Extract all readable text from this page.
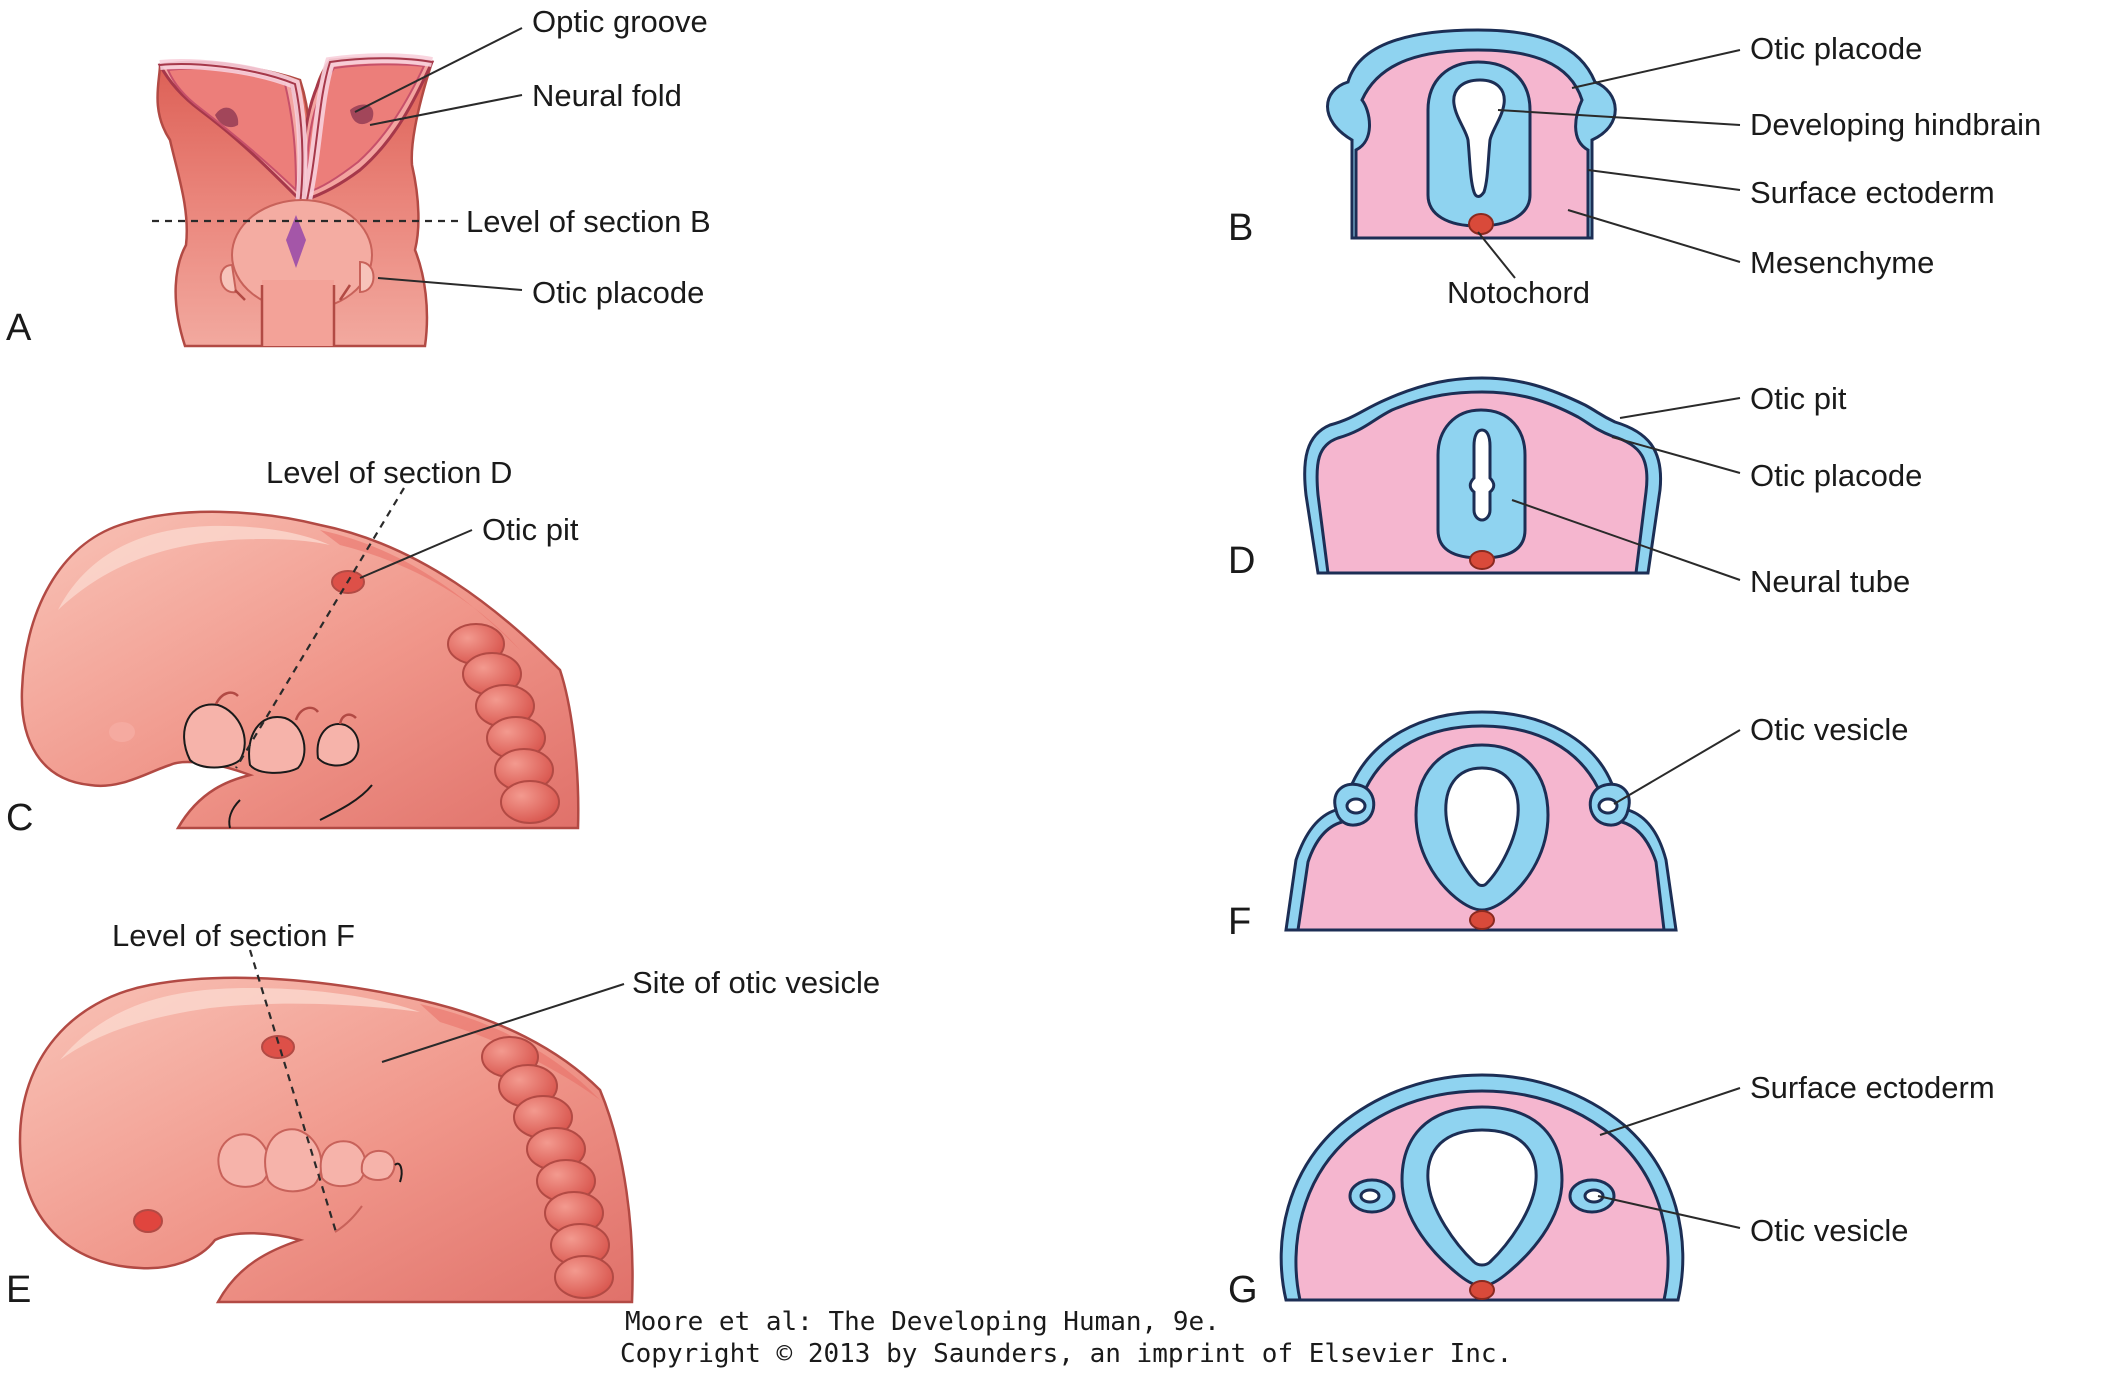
Level of section B
Optic groove
Neural fold
Otic placode
A
Otic placode
Developing hindbrain
Surface ectoderm
Mesenchyme
Notochord
B
Level of section D
Otic pit
C
Otic pit
Otic placode
Neural tube
D
Level of section F
Site of otic vesicle
E
Otic vesicle
F
Surface ectoderm
Otic vesicle
G
Moore et al: The Developing Human, 9e.
Copyright © 2013 by Saunders, an imprint of Elsevier Inc.
